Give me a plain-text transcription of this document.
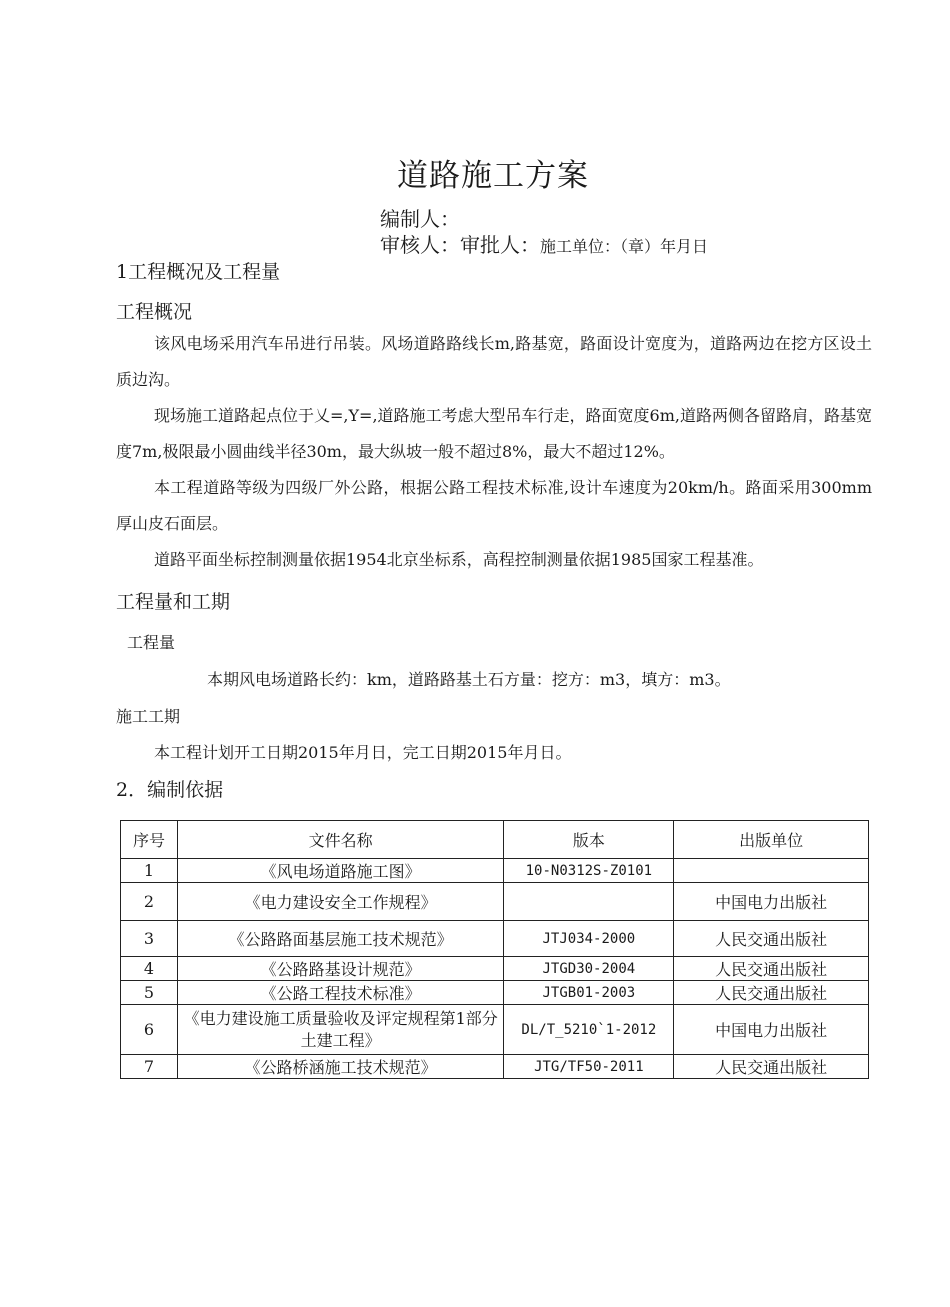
道路施工方案
编制人：
审核人：审批人：施工单位：（章）年月日
1工程概况及工程量
工程概况
该风电场采用汽车吊进行吊装。风场道路路线长m,路基宽，路面设计宽度为，道路两边在挖方区设土质边沟。
现场施工道路起点位于乂=,Y=,道路施工考虑大型吊车行走，路面宽度6m,道路两侧各留路肩，路基宽度7m,极限最小圆曲线半径30m，最大纵坡一般不超过8%，最大不超过12%。
本工程道路等级为四级厂外公路，根据公路工程技术标准,设计车速度为20km/h。路面采用300mm厚山皮石面层。
道路平面坐标控制测量依据1954北京坐标系，高程控制测量依据1985国家工程基准。
工程量和工期
工程量
本期风电场道路长约：km，道路路基土石方量：挖方：m3，填方：m3。
施工工期
本工程计划开工日期2015年月日，完工日期2015年月日。
2．编制依据
序号	文件名称	版本	出版单位
1	《风电场道路施工图》	10-N0312S-Z0101	
2	《电力建设安全工作规程》		中国电力出版社
3	《公路路面基层施工技术规范》	JTJ034-2000	人民交通出版社
4	《公路路基设计规范》	JTGD30-2004	人民交通出版社
5	《公路工程技术标准》	JTGB01-2003	人民交通出版社
6	《电力建设施工质量验收及评定规程第1部分土建工程》	DL/T_5210`1-2012	中国电力出版社
7	《公路桥涵施工技术规范》	JTG/TF50-2011	人民交通出版社
